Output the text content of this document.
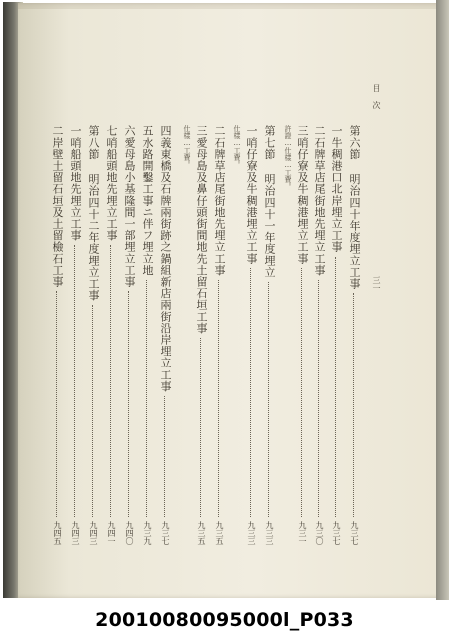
目 次
三一
第六節 明治四十年度埋立工事
九三七
一牛稠港口北岸埋立工事
九三七
二石牌草店尾街地先埋立工事
九三〇
三哨仔寮及牛稠港埋立工事
九三一
許證…仕樣…工費。
第七節 明治四十一年度埋立
九三三
一哨仔寮及牛稠港埋立工事
九三三
仕樣…工費。
二石牌草店尾街地先埋立工事
九三五
三愛母島及鼻仔頭街間地先土留石垣工事
九三五
仕樣…工費。
四義東橋及石牌兩街跡之鍋組新店兩街沿岸埋立工事
九三七
五水路開鑿工事ニ伴フ埋立地
九三九
六愛母島小基隆間一部埋立工事
九四〇
七哨船頭地先埋立工事
九四一
第八節 明治四十二年度埋立工事
九四三
一哨船頭地先埋立工事
九四三
二岸壁土留石垣及土留檢石工事
九四五
20010080095000l_P033
